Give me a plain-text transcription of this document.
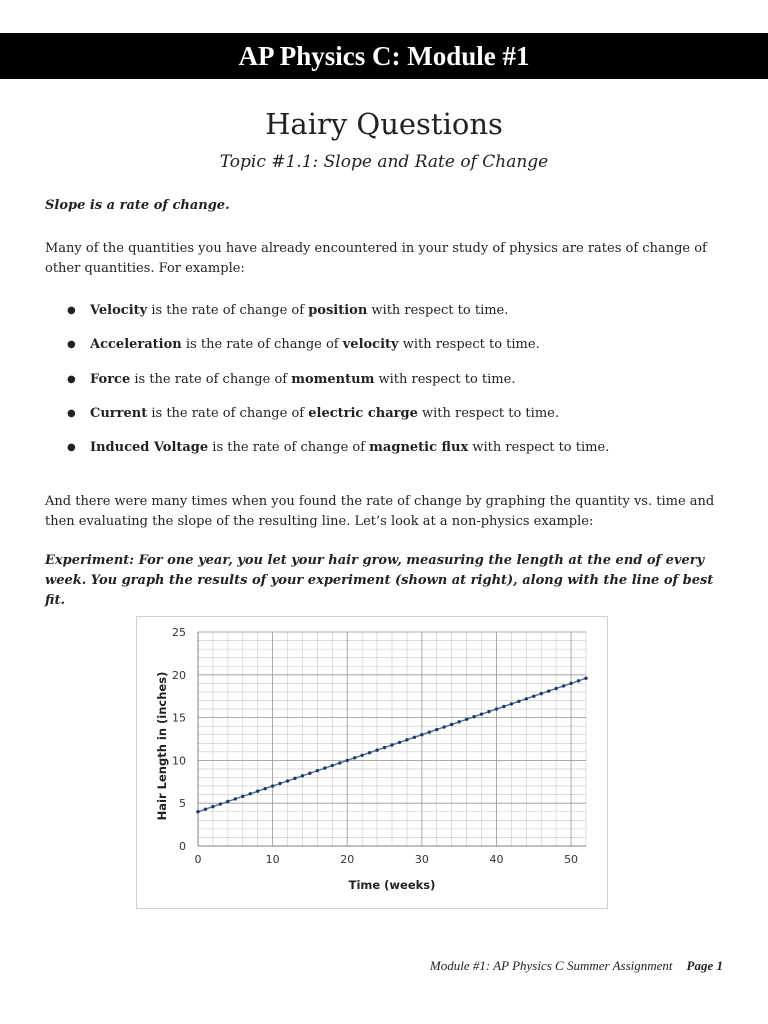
AP Physics C: Module #1
Hairy Questions
Topic #1.1: Slope and Rate of Change
Slope is a rate of change.
Many of the quantities you have already encountered in your study of physics are rates of change of other quantities. For example:
● Velocity is the rate of change of position with respect to time.
● Acceleration is the rate of change of velocity with respect to time.
● Force is the rate of change of momentum with respect to time.
● Current is the rate of change of electric charge with respect to time.
● Induced Voltage is the rate of change of magnetic flux with respect to time.
And there were many times when you found the rate of change by graphing the quantity vs. time and then evaluating the slope of the resulting line. Let’s look at a non-physics example:
Experiment: For one year, you let your hair grow, measuring the length at the end of every week. You graph the results of your experiment (shown at right), along with the line of best fit.
0	10	20	30	40	50
0
5
10
15
20
25
Time (weeks)
Hair Length in (inches)
Module #1: AP Physics C Summer Assignment Page 1
